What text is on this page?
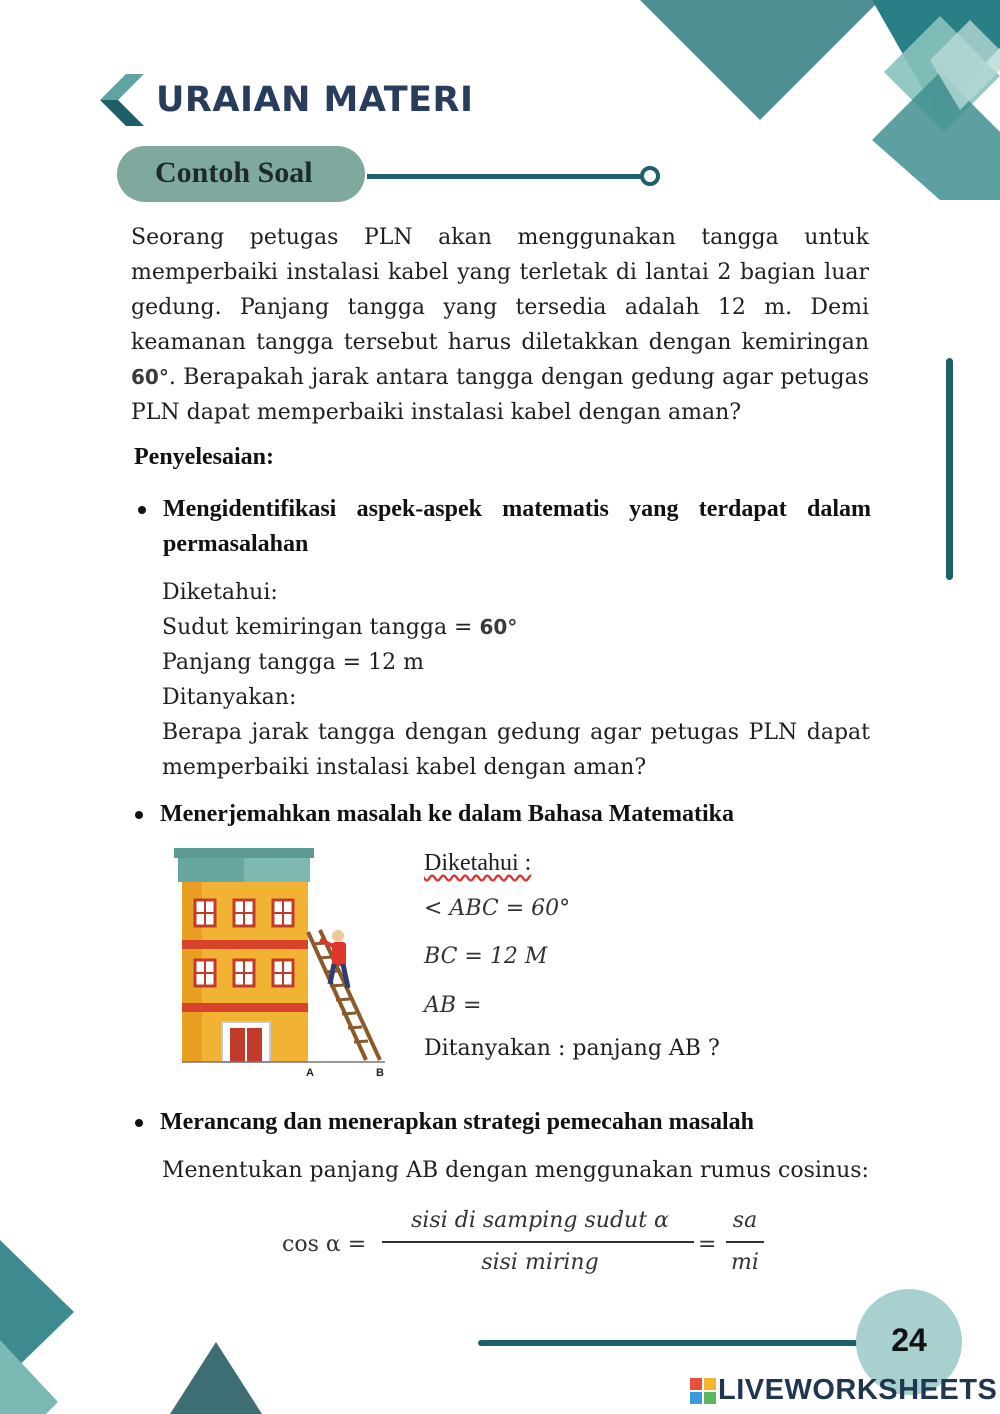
URAIAN MATERI
Contoh Soal

Seorang petugas PLN akan menggunakan tangga untuk memperbaiki instalasi kabel yang terletak di lantai 2 bagian luar gedung. Panjang tangga yang tersedia adalah 12 m. Demi keamanan tangga tersebut harus diletakkan dengan kemiringan 60°. Berapakah jarak antara tangga dengan gedung agar petugas PLN dapat memperbaiki instalasi kabel dengan aman?

Penyelesaian:
Mengidentifikasi aspek-aspek matematis yang terdapat dalam permasalahan
Diketahui:
Sudut kemiringan tangga = 60°
Panjang tangga = 12 m
Ditanyakan:
Berapa jarak tangga dengan gedung agar petugas PLN dapat memperbaiki instalasi kabel dengan aman?
Menerjemahkan masalah ke dalam Bahasa Matematika
A	B
Diketahui :
< ABC = 60°
BC = 12 M
AB =
Ditanyakan : panjang AB ?
Merancang dan menerapkan strategi pemecahan masalah
Menentukan panjang AB dengan menggunakan rumus cosinus:
cos α =
sisi di samping sudut α
sisi miring
=
sa
mi
24
LIVEWORKSHEETS
